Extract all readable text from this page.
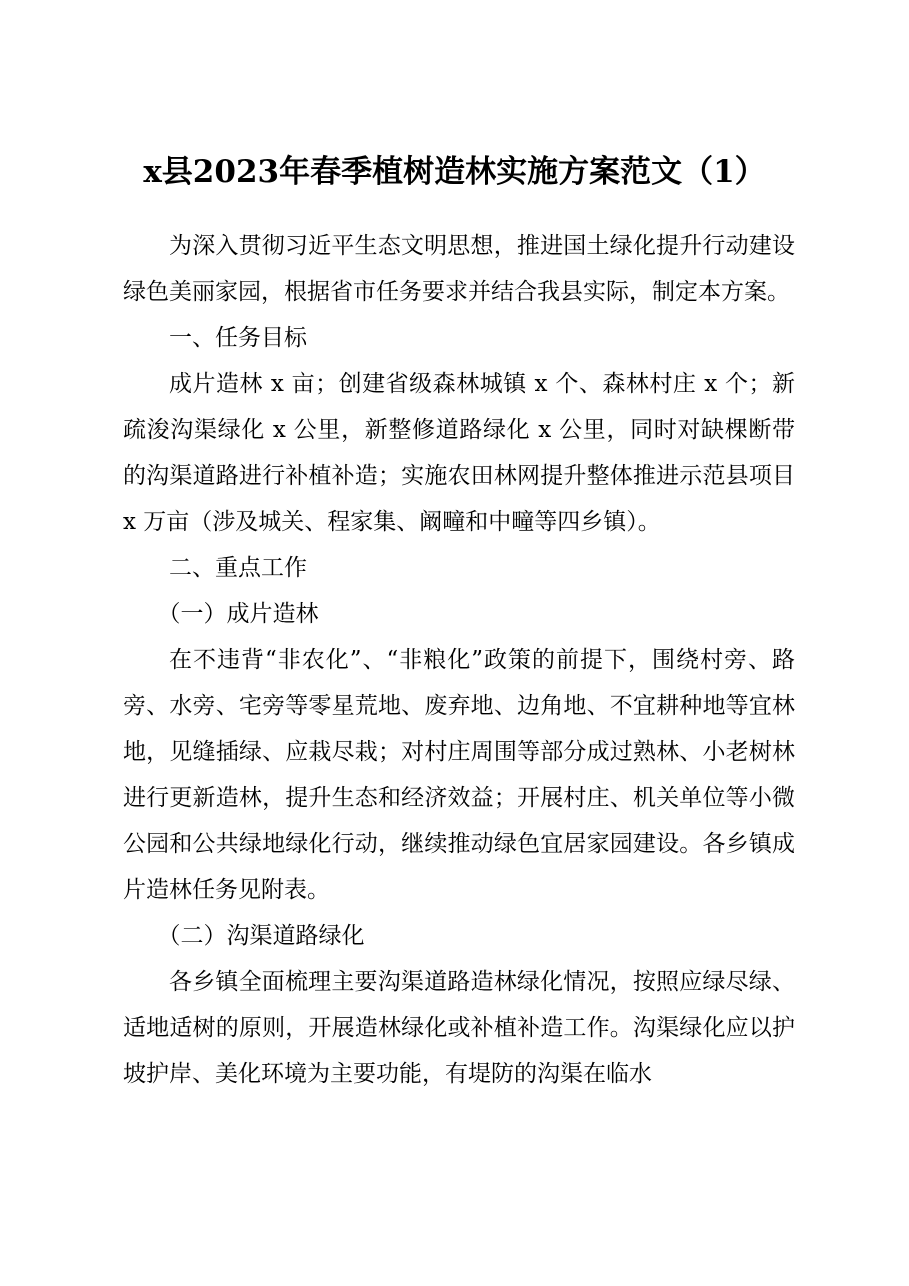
x县2023年春季植树造林实施方案范文（1）

为深入贯彻习近平生态文明思想，推进国土绿化提升行动建设绿色美丽家园，根据省市任务要求并结合我县实际，制定本方案。

一、任务目标

成片造林 x 亩；创建省级森林城镇 x 个、森林村庄 x 个；新疏浚沟渠绿化 x 公里，新整修道路绿化 x 公里，同时对缺棵断带的沟渠道路进行补植补造；实施农田林网提升整体推进示范县项目 x 万亩（涉及城关、程家集、阚疃和中疃等四乡镇）。

二、重点工作

（一）成片造林

在不违背“非农化”、“非粮化”政策的前提下，围绕村旁、路旁、水旁、宅旁等零星荒地、废弃地、边角地、不宜耕种地等宜林地，见缝插绿、应栽尽栽；对村庄周围等部分成过熟林、小老树林进行更新造林，提升生态和经济效益；开展村庄、机关单位等小微公园和公共绿地绿化行动，继续推动绿色宜居家园建设。各乡镇成片造林任务见附表。

（二）沟渠道路绿化

各乡镇全面梳理主要沟渠道路造林绿化情况，按照应绿尽绿、适地适树的原则，开展造林绿化或补植补造工作。沟渠绿化应以护坡护岸、美化环境为主要功能，有堤防的沟渠在临水
